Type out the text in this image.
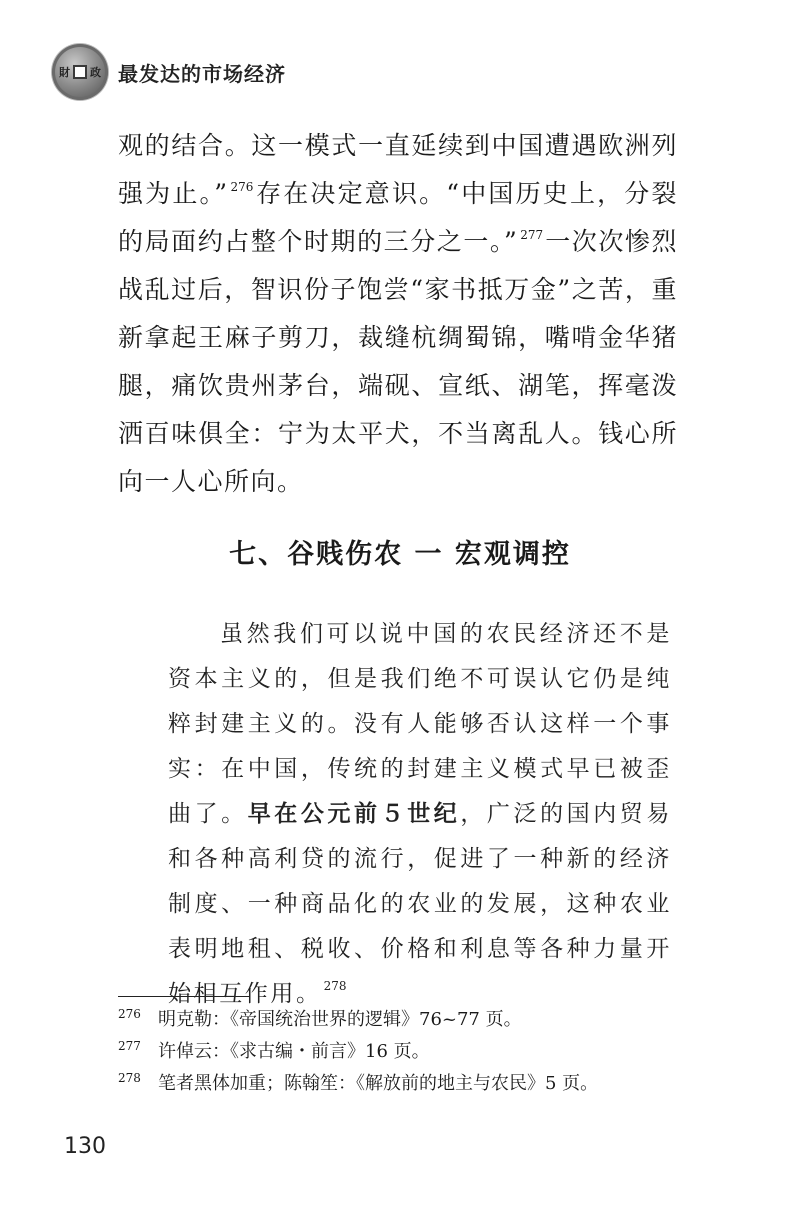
財 政 最发达的市场经济

观的结合。这一模式一直延续到中国遭遇欧洲列强为止。” $^{276}$存在决定意识。“中国历史上，分裂的局面约占整个时期的三分之一。” $^{277}$一次次惨烈战乱过后，智识份子饱尝“家书抵万金”之苦，重新拿起王麻子剪刀，裁缝杭绸蜀锦，嘴啃金华猪腿，痛饮贵州茅台，端砚、宣纸、湖笔，挥毫泼洒百味俱全：宁为太平犬，不当离乱人。钱心所向一人心所向。

七、谷贱伤农 一 宏观调控

虽然我们可以说中国的农民经济还不是资本主义的，但是我们绝不可误认它仍是纯粹封建主义的。没有人能够否认这样一个事实：在中国，传统的封建主义模式早已被歪曲了。早在公元前５世纪，广泛的国内贸易和各种高利贷的流行，促进了一种新的经济制度、一种商品化的农业的发展，这种农业表明地租、税收、价格和利息等各种力量开始相互作用。 $^{278}$

276 明克勒：《帝国统治世界的逻辑》76~77 页。
277 许倬云：《求古编・前言》16 页。
278 笔者黑体加重；陈翰笙：《解放前的地主与农民》5 页。
130
